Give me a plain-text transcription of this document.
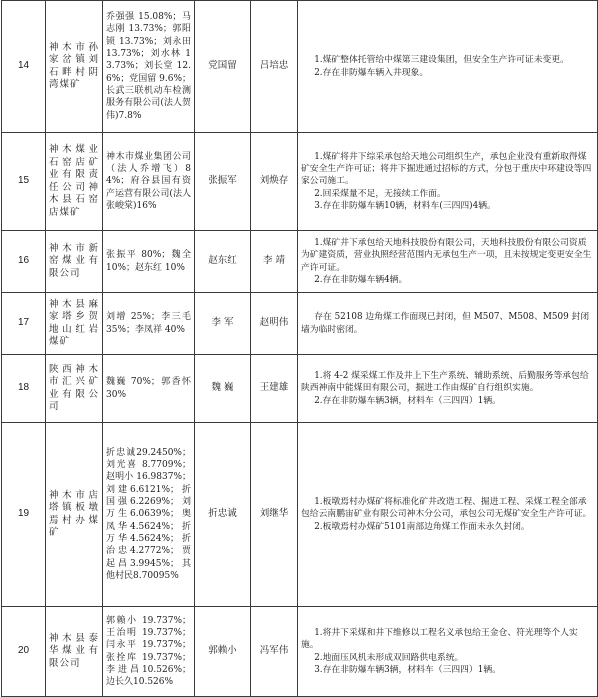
14	神木市孙家岔镇刘石畔村阴湾煤矿	乔强强 15.08%；马志刚 13.73%；郭阳锁 13.73%；刘永田 13.73%；刘水林 13.73%；刘长堂 12.6%；党国留 9.6%；长武三联机动车检测服务有限公司(法人贺伟)7.8%	党国留	吕培忠	1.煤矿整体托管给中煤第三建设集团，但安全生产许可证未变更。
2.存在非防爆车辆入井现象。

15	神木煤业石窑店矿业有限责任公司神木县石窑店煤矿	神木市煤业集团公司（法人乔增飞）84%；府谷县国有资产运营有限公司(法人张峻棠)16%	张振军	刘焕存	1.煤矿将井下综采承包给天地公司组织生产，承包企业没有重新取得煤矿安全生产许可证；将井下掘进通过招标的方式，分包于重庆中环建设等四家公司施工。
2.回采煤量不足，无接续工作面。
3.存在非防爆车辆10辆，材料车(三四四)4辆。

16	神木市新窑煤业有限公司	张振平 80%；魏全 10%；赵东红 10%	赵东红	李 靖	1.煤矿井下承包给天地科技股份有限公司，天地科技股份有限公司资质为矿建资质，营业执照经营范围内无承包生产一项，且未按规定变更安全生产许可证。
2.存在非防爆车辆4辆。

17	神木县麻家塔乡贺地山红岩煤矿	刘增 25%；李三毛 35%；李凤祥 40%	李 军	赵明伟	存在 52108 边角煤工作面现已封闭，但 M507、M508、M509 封闭墙为临时密闭。

18	陕西神木市汇兴矿业有限公司	魏巍 70%；郭香怀 30%	魏 巍	王建雄	1.将 4-2 煤采煤工作及井上下生产系统、辅助系统、后勤服务等承包给陕西神南中能煤田有限公司，掘进工作由煤矿自行组织实施。
2.存在非防爆车辆3辆，材料车（三四四）1辆。

19	神木市店塔镇板墩焉村办煤矿	折忠诚29.2450%；刘光喜 8.7709%；赵明小 16.9837%；刘建6.6121%；折国强6.2269%；刘万生6.0639%；奥凤华4.5624%；折万华4.5624%；折治忠4.2772%；贾起昌3.9945%；其他村民8.70095%	折忠诚	刘继华	1.板墩焉村办煤矿将标准化矿井改造工程、掘进工程、采煤工程全部承包给云南鹏宙矿业有限公司神木分公司，承包公司无煤矿安全生产许可证。
2.板墩焉村办煤矿5101南部边角煤工作面未永久封闭。

20	神木县泰华煤业有限公司	郭赖小 19.737%；王治明 19.737%；闫永平 19.737%；张拴库 19.737%；李进昌10.526%；边长久10.526%	郭赖小	冯军伟	1.将井下采煤和井下维修以工程名义承包给王金仓、符光理等个人实施。
2.地面压风机未形成双回路供电系统。
3.存在非防爆车辆3辆，材料车（三四四）1辆。
